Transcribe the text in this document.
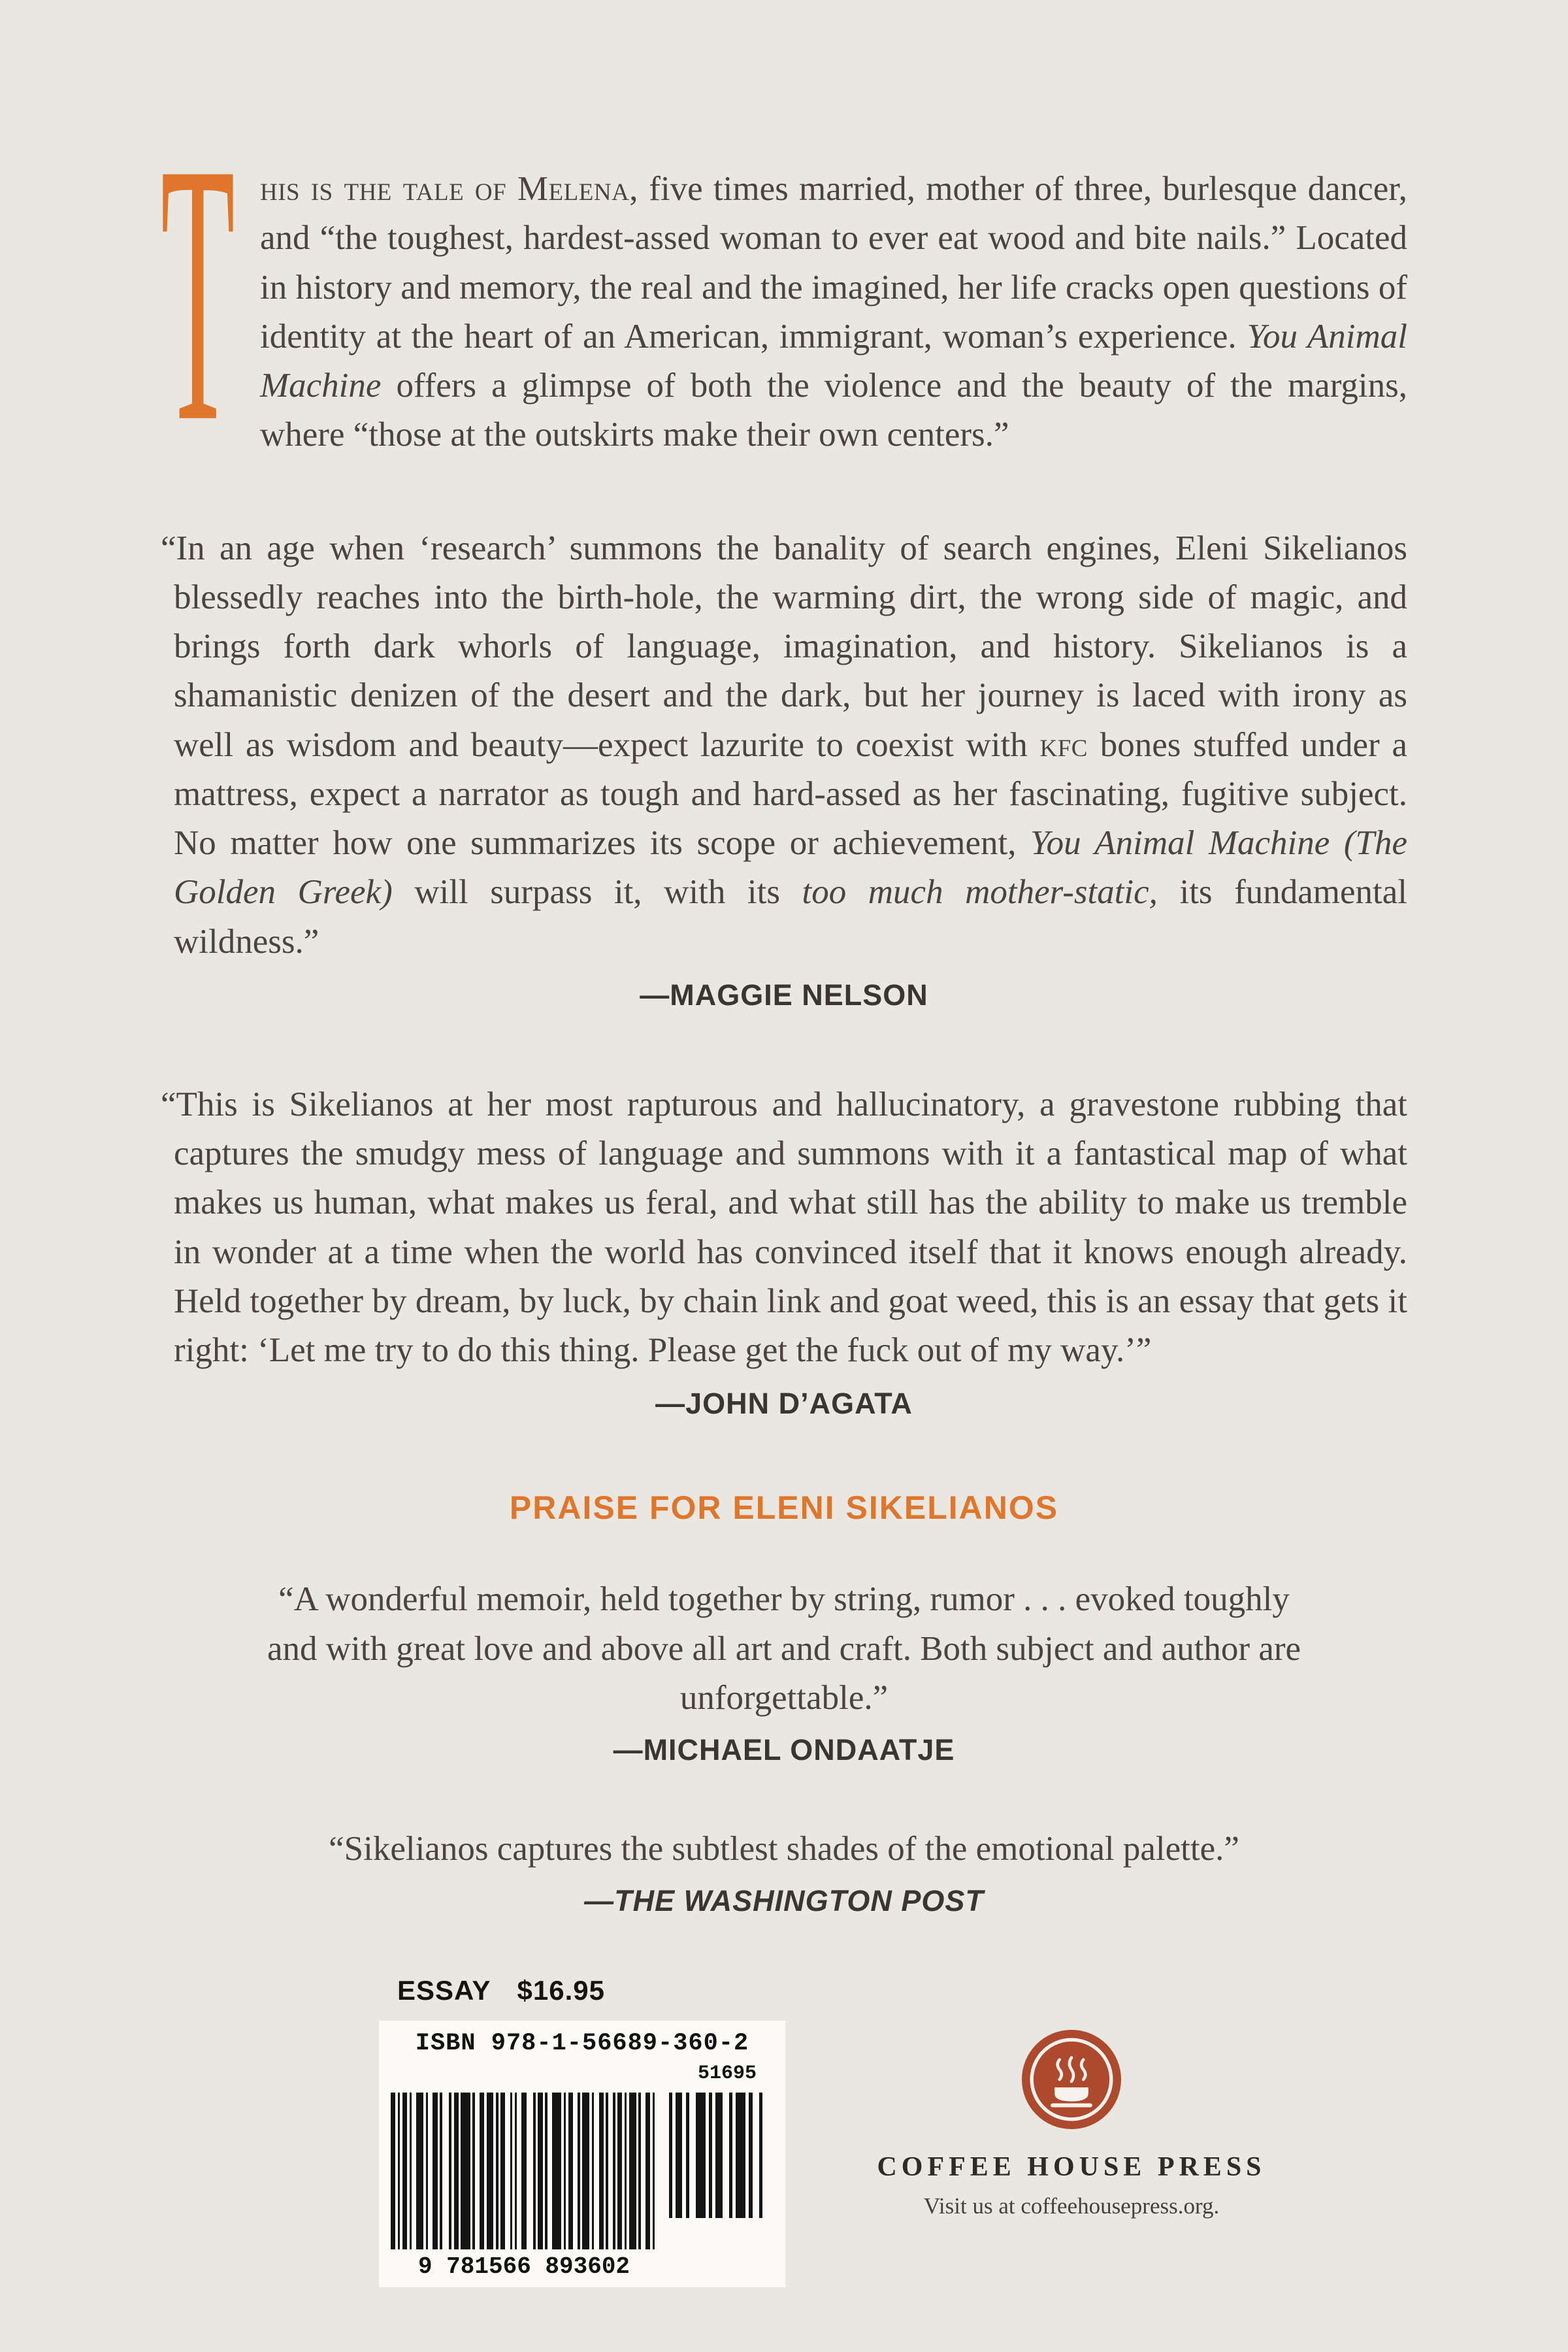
This is the tale of Melena, five times married, mother of three, burlesque dancer, and “the toughest, hardest-assed woman to ever eat wood and bite nails.” Located in history and memory, the real and the imagined, her life cracks open questions of identity at the heart of an American, immigrant, woman’s experience. You Animal Machine offers a glimpse of both the violence and the beauty of the margins, where “those at the outskirts make their own centers.”

“In an age when ‘research’ summons the banality of search engines, Eleni Sikelianos blessedly reaches into the birth-hole, the warming dirt, the wrong side of magic, and brings forth dark whorls of language, imagination, and history. Sikelianos is a shamanistic denizen of the desert and the dark, but her journey is laced with irony as well as wisdom and beauty—expect lazurite to coexist with kfc bones stuffed under a mattress, expect a narrator as tough and hard-assed as her fascinating, fugitive subject. No matter how one summarizes its scope or achievement, You Animal Machine (The Golden Greek) will surpass it, with its too much mother-static, its fundamental wildness.”

—MAGGIE NELSON

“This is Sikelianos at her most rapturous and hallucinatory, a gravestone rubbing that captures the smudgy mess of language and summons with it a fantastical map of what makes us human, what makes us feral, and what still has the ability to make us tremble in wonder at a time when the world has convinced itself that it knows enough already. Held together by dream, by luck, by chain link and goat weed, this is an essay that gets it right: ‘Let me try to do this thing. Please get the fuck out of my way.’”

—JOHN D’AGATA
PRAISE FOR ELENI SIKELIANOS

“A wonderful memoir, held together by string, rumor . . . evoked toughly and with great love and above all art and craft. Both subject and author are unforgettable.”

—MICHAEL ONDAATJE

“Sikelianos captures the subtlest shades of the emotional palette.”

—THE WASHINGTON POST
ESSAY $16.95
ISBN 978-1-56689-360-2
51695
9 781566 893602
COFFEE HOUSE PRESS
Visit us at coffeehousepress.org.
